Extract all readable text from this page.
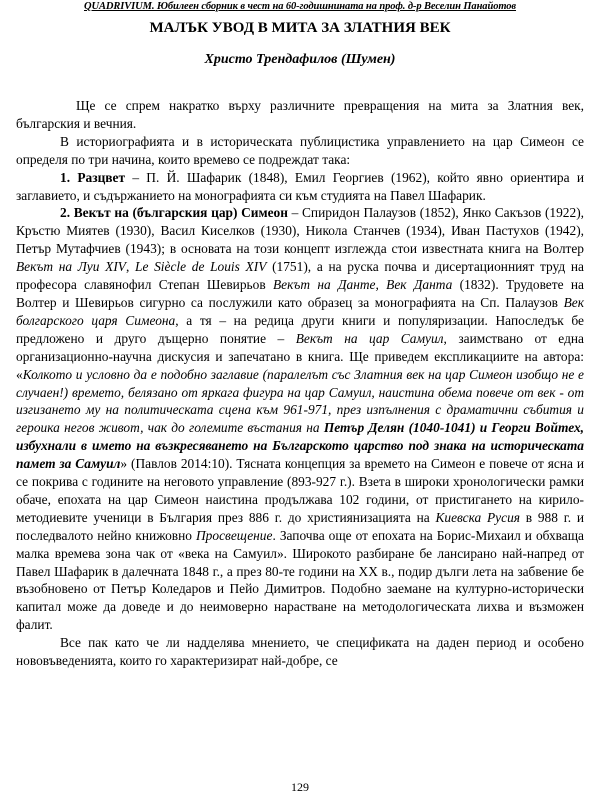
QUADRIVIUM. Юбилеен сборник в чест на 60-годишнината на проф. д-р Веселин Панайотов
МАЛЪК УВОД В МИТА ЗА ЗЛАТНИЯ ВЕК
Христо Трендафилов (Шумен)

Ще се спрем накратко върху различните превращения на мита за Златния век, българския и вечния.

В историографията и в историческата публицистика управлението на цар Симеон се определя по три начина, които времево се подреждат така:

1. Разцвет – П. Й. Шафарик (1848), Емил Георгиев (1962), който явно ориентира и заглавието, и съдържанието на монографията си към студията на Павел Шафарик.

2. Векът на (българския цар) Симеон – Спиридон Палаузов (1852), Янко Сакъзов (1922), Кръстю Миятев (1930), Васил Киселков (1930), Никола Станчев (1934), Иван Пастухов (1942), Петър Мутафчиев (1943); в основата на този концепт изглежда стои известната книга на Волтер Векът на Луи XIV, Le Siècle de Louis XIV (1751), а на руска почва и дисертационният труд на професора славянофил Степан Шевирьов Векът на Данте, Век Данта (1832). Трудовете на Волтер и Шевирьов сигурно са послужили като образец за монографията на Сп. Палаузов Век болгарского царя Симеона, а тя – на редица други книги и популяризации. Напоследък бе предложено и друго дъщерно понятие – Векът на цар Самуил, заимствано от една организационно-научна дискусия и запечатано в книга. Ще приведем експликациите на автора: «Колкото и условно да е подобно заглавие (паралелът със Златния век на цар Симеон изобщо не е случаен!) времето, белязано от яркага фигура на цар Самуил, наистина обема повече от век - от изгизането му на политическата сцена към 961-971, през изпълнения с драматични събития и героика негов живот, чак до големите въстания на Петър Делян (1040-1041) и Георги Войтех, избухнали в името на възкресяването на Българското царство под знака на историческата памет за Самуил» (Павлов 2014:10). Тясната концепция за времето на Симеон е повече от ясна и се покрива с годините на неговото управление (893-927 г.). Взета в широки хронологически рамки обаче, епохата на цар Симеон наистина продължава 102 години, от пристигането на кирило-методиевите ученици в България през 886 г. до християнизацията на Киевска Русия в 988 г. и последвалото нейно книжовно Просвещение. Започва още от епохата на Борис-Михаил и обхваща малка времева зона чак от «века на Самуил». Широкото разбиране бе лансирано най-напред от Павел Шафарик в далечната 1848 г., а през 80-те години на ХХ в., подир дълги лета на забвение бе възобновено от Петър Коледаров и Пейо Димитров. Подобно заемане на културно-исторически капитал може да доведе и до неимоверно нарастване на методологическата лихва и възможен фалит.

Все пак като че ли надделява мнението, че спецификата на даден период и особено нововъведенията, които го характеризират най-добре, се

129
